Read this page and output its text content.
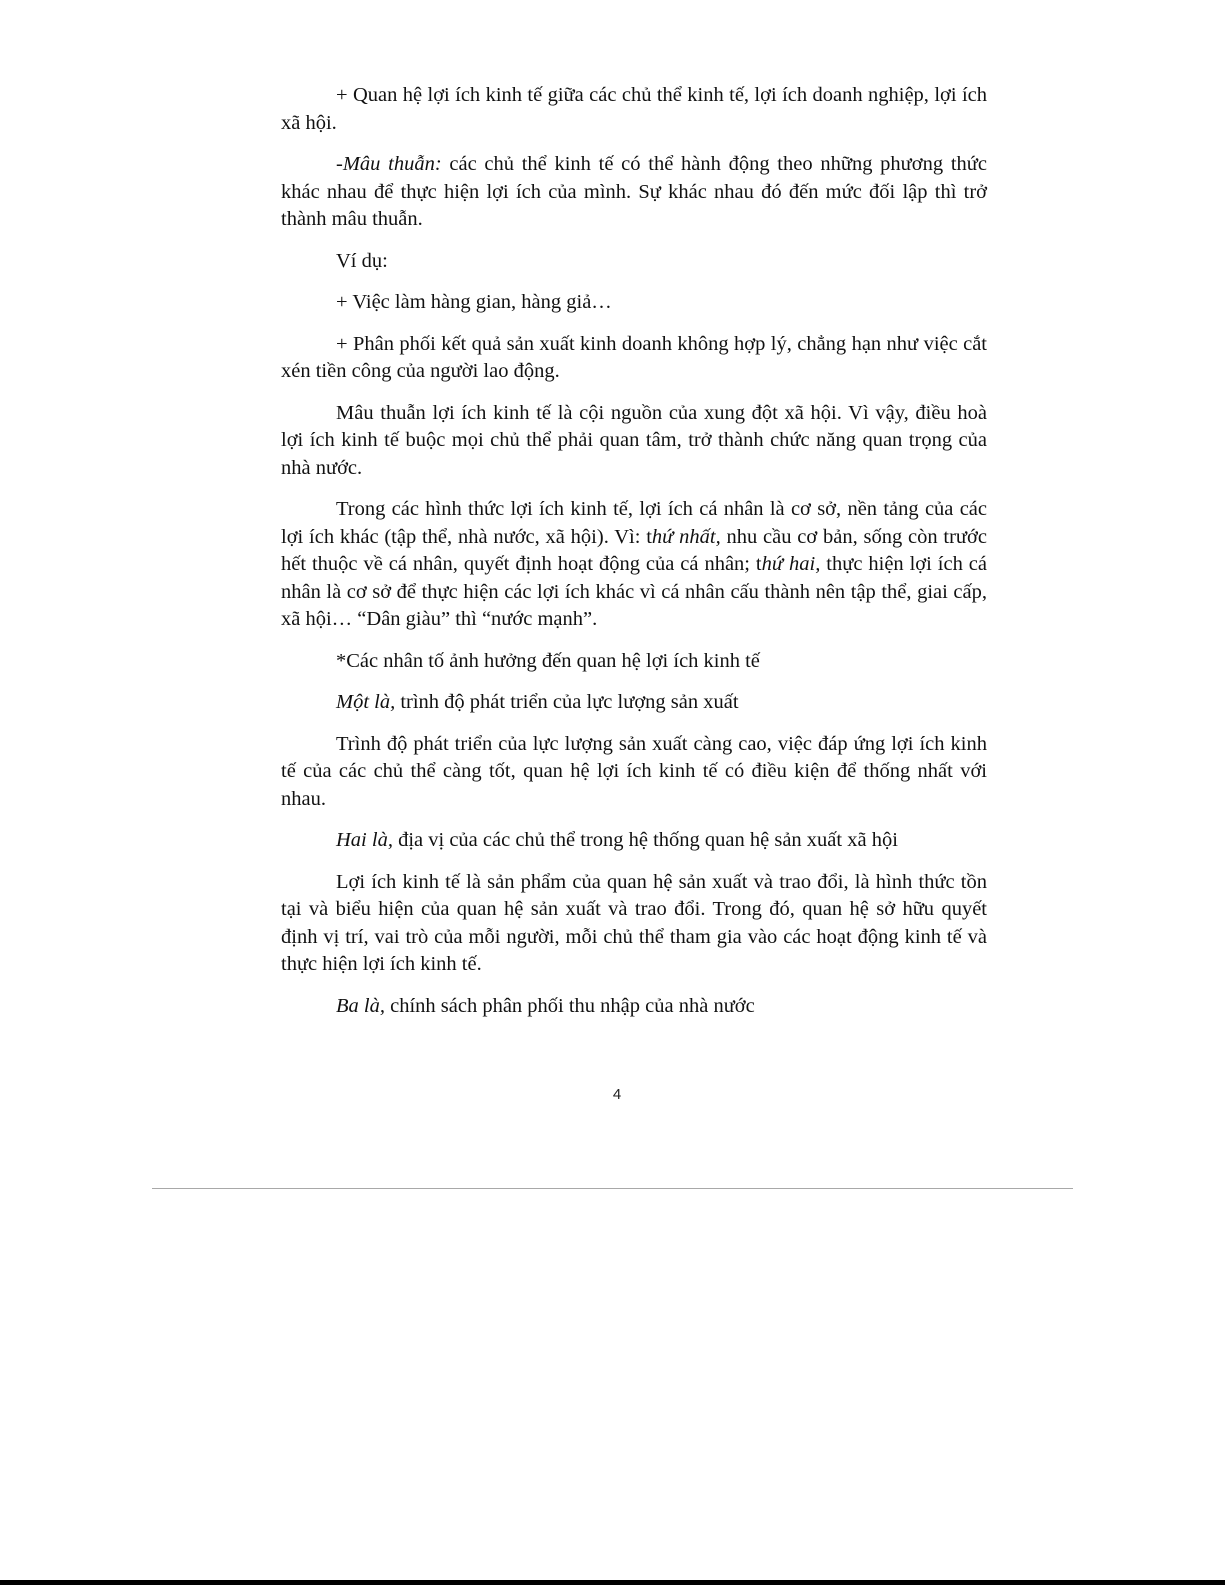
+ Quan hệ lợi ích kinh tế giữa các chủ thể kinh tế, lợi ích doanh nghiệp, lợi ích xã hội.

-Mâu thuẫn: các chủ thể kinh tế có thể hành động theo những phương thức khác nhau để thực hiện lợi ích của mình. Sự khác nhau đó đến mức đối lập thì trở thành mâu thuẫn.

Ví dụ:

+ Việc làm hàng gian, hàng giả…

+ Phân phối kết quả sản xuất kinh doanh không hợp lý, chẳng hạn như việc cắt xén tiền công của người lao động.

Mâu thuẫn lợi ích kinh tế là cội nguồn của xung đột xã hội. Vì vậy, điều hoà lợi ích kinh tế buộc mọi chủ thể phải quan tâm, trở thành chức năng quan trọng của nhà nước.

Trong các hình thức lợi ích kinh tế, lợi ích cá nhân là cơ sở, nền tảng của các lợi ích khác (tập thể, nhà nước, xã hội). Vì: thứ nhất, nhu cầu cơ bản, sống còn trước hết thuộc về cá nhân, quyết định hoạt động của cá nhân; thứ hai, thực hiện lợi ích cá nhân là cơ sở để thực hiện các lợi ích khác vì cá nhân cấu thành nên tập thể, giai cấp, xã hội… “Dân giàu” thì “nước mạnh”.

*Các nhân tố ảnh hưởng đến quan hệ lợi ích kinh tế

Một là, trình độ phát triển của lực lượng sản xuất

Trình độ phát triển của lực lượng sản xuất càng cao, việc đáp ứng lợi ích kinh tế của các chủ thể càng tốt, quan hệ lợi ích kinh tế có điều kiện để thống nhất với nhau.

Hai là, địa vị của các chủ thể trong hệ thống quan hệ sản xuất xã hội

Lợi ích kinh tế là sản phẩm của quan hệ sản xuất và trao đổi, là hình thức tồn tại và biểu hiện của quan hệ sản xuất và trao đổi. Trong đó, quan hệ sở hữu quyết định vị trí, vai trò của mỗi người, mỗi chủ thể tham gia vào các hoạt động kinh tế và thực hiện lợi ích kinh tế.

Ba là, chính sách phân phối thu nhập của nhà nước

4
